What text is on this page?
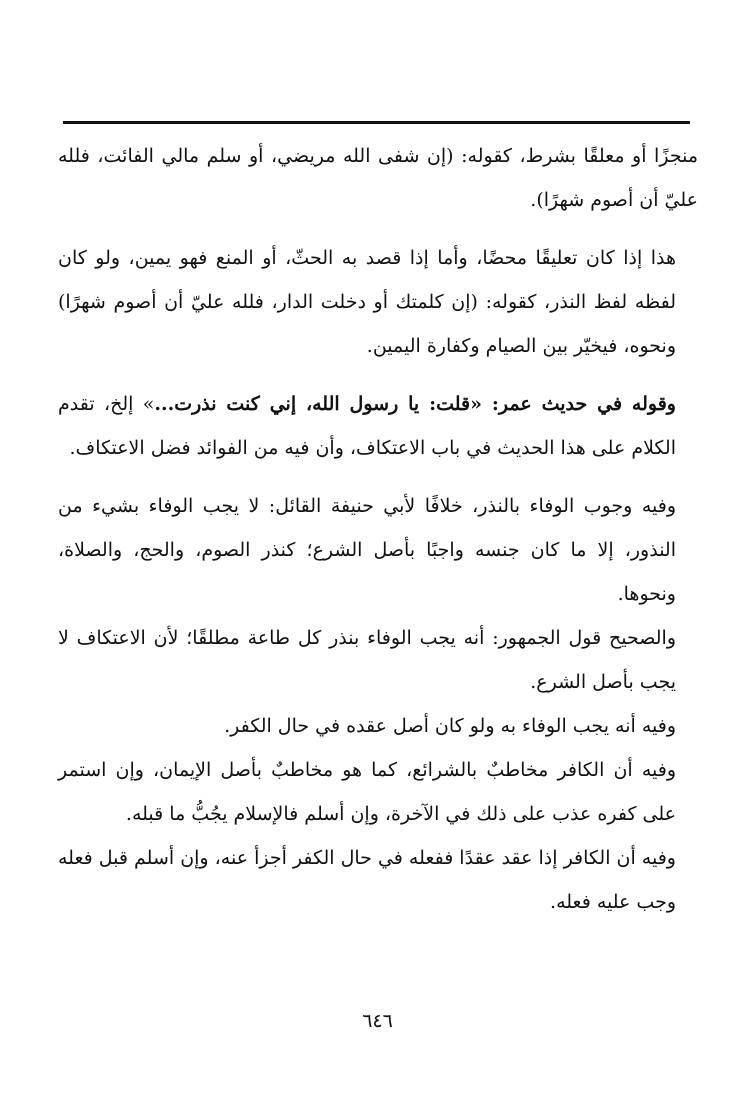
منجزًا أو معلقًا بشرط، كقوله: (إن شفى الله مريضي، أو سلم مالي الفائت، فلله عليّ أن أصوم شهرًا).

هذا إذا كان تعليقًا محضًا، وأما إذا قصد به الحثّ، أو المنع فهو يمين، ولو كان لفظه لفظ النذر، كقوله: (إن كلمتك أو دخلت الدار، فلله عليّ أن أصوم شهرًا) ونحوه، فيخيّر بين الصيام وكفارة اليمين.

وقوله في حديث عمر: «قلت: يا رسول الله، إني كنت نذرت...» إلخ، تقدم الكلام على هذا الحديث في باب الاعتكاف، وأن فيه من الفوائد فضل الاعتكاف.

وفيه وجوب الوفاء بالنذر، خلافًا لأبي حنيفة القائل: لا يجب الوفاء بشيء من النذور، إلا ما كان جنسه واجبًا بأصل الشرع؛ كنذر الصوم، والحج، والصلاة، ونحوها.

والصحيح قول الجمهور: أنه يجب الوفاء بنذر كل طاعة مطلقًا؛ لأن الاعتكاف لا يجب بأصل الشرع.

وفيه أنه يجب الوفاء به ولو كان أصل عقده في حال الكفر.

وفيه أن الكافر مخاطبٌ بالشرائع، كما هو مخاطبٌ بأصل الإيمان، وإن استمر على كفره عذب على ذلك في الآخرة، وإن أسلم فالإسلام يجُبُّ ما قبله.

وفيه أن الكافر إذا عقد عقدًا ففعله في حال الكفر أجزأ عنه، وإن أسلم قبل فعله وجب عليه فعله.

٦٤٦
